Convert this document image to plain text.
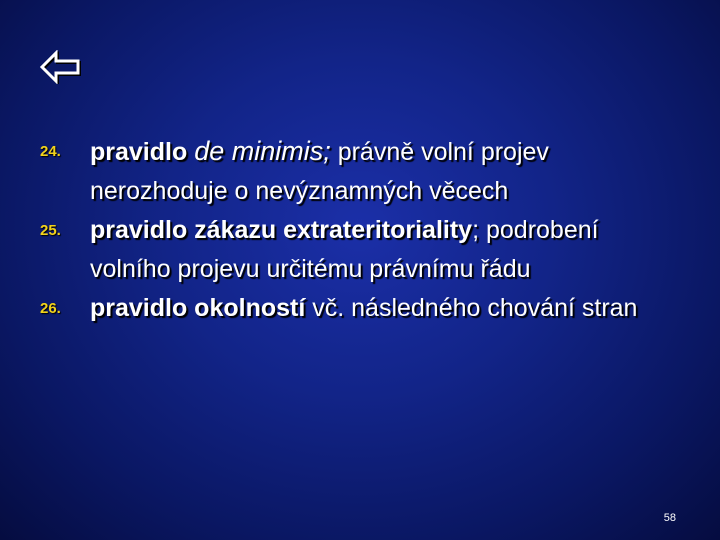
24.	pravidlo de minimis; právně volní projev nerozhoduje o nevýznamných věcech
25.	pravidlo zákazu extrateritoriality; podrobení volního projevu určitému právnímu řádu
26.	pravidlo okolností vč. následného chování stran
58
